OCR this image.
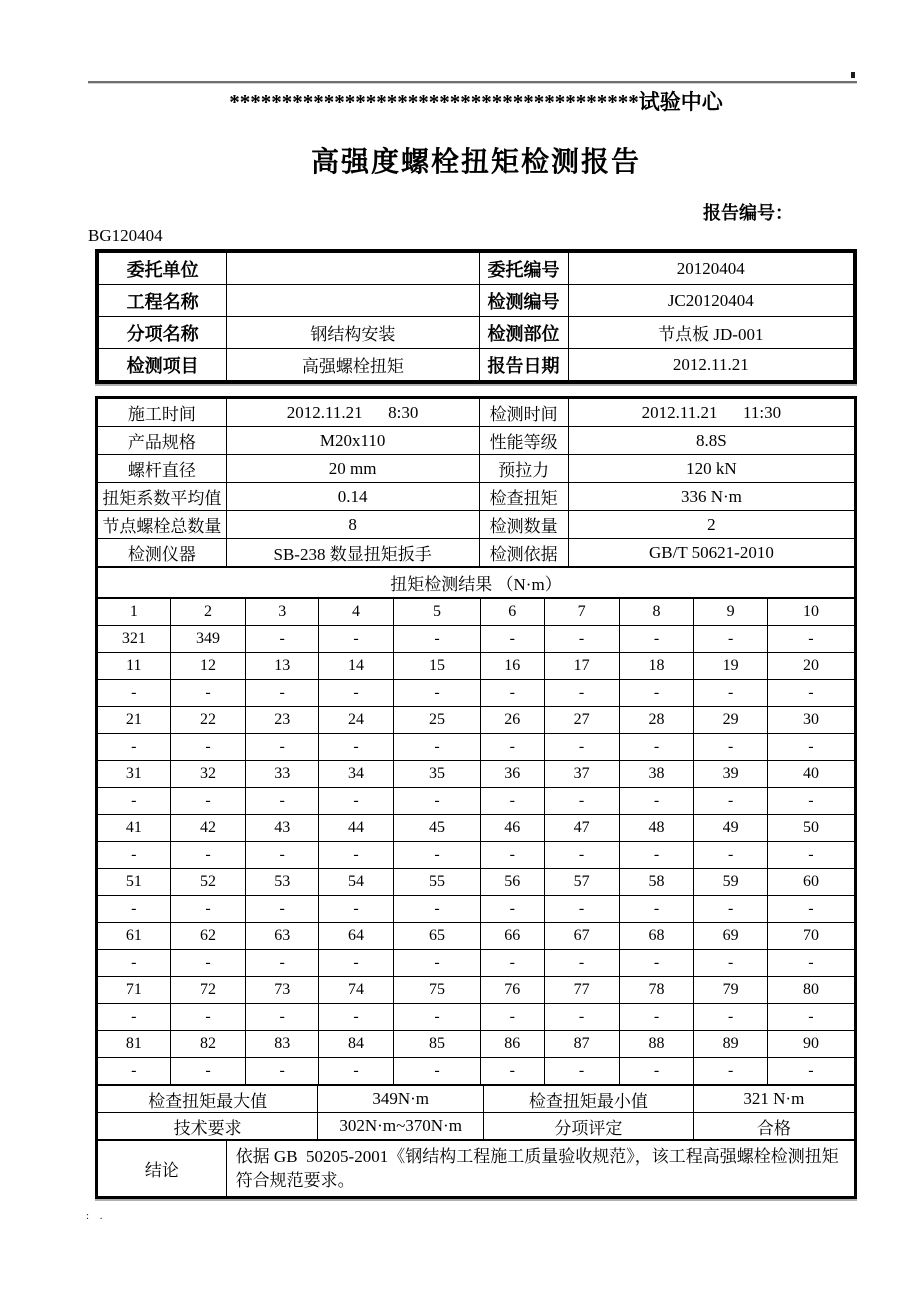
: .
***************************************试验中心
高强度螺栓扭矩检测报告
报告编号：
BG120404
委托单位		委托编号	20120404
工程名称		检测编号	JC20120404
分项名称	钢结构安装	检测部位	节点板 JD-001
检测项目	高强螺栓扭矩	报告日期	2012.11.21
施工时间	2012.11.21      8:30	检测时间	2012.11.21      11:30
产品规格	M20x110	性能等级	8.8S
螺杆直径	20 mm	预拉力	120 kN
扭矩系数平均值	0.14	检查扭矩	336 N·m
节点螺栓总数量	8	检测数量	2
检测仪器	SB-238 数显扭矩扳手	检测依据	GB/T 50621-2010
扭矩检测结果 （N·m）
1	2	3	4	5	6	7	8	9	10
321	349	-	-	-	-	-	-	-	-
11	12	13	14	15	16	17	18	19	20
-	-	-	-	-	-	-	-	-	-
21	22	23	24	25	26	27	28	29	30
-	-	-	-	-	-	-	-	-	-
31	32	33	34	35	36	37	38	39	40
-	-	-	-	-	-	-	-	-	-
41	42	43	44	45	46	47	48	49	50
-	-	-	-	-	-	-	-	-	-
51	52	53	54	55	56	57	58	59	60
-	-	-	-	-	-	-	-	-	-
61	62	63	64	65	66	67	68	69	70
-	-	-	-	-	-	-	-	-	-
71	72	73	74	75	76	77	78	79	80
-	-	-	-	-	-	-	-	-	-
81	82	83	84	85	86	87	88	89	90
-	-	-	-	-	-	-	-	-	-
检查扭矩最大值	349N·m	检查扭矩最小值	321 N·m
技术要求	302N·m~370N·m	分项评定	合格
结论	依据 GB  50205-2001《钢结构工程施工质量验收规范》，该工程高强螺栓检测扭矩符合规范要求。
